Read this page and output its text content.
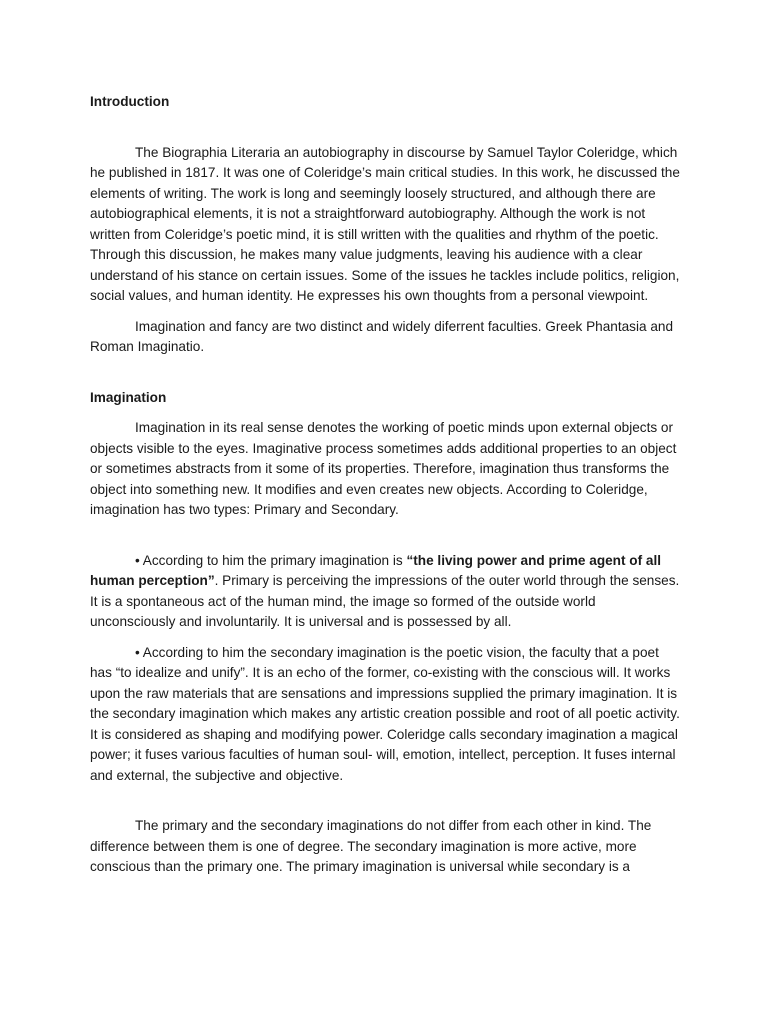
Introduction

The Biographia Literaria an autobiography in discourse by Samuel Taylor Coleridge, which he published in 1817. It was one of Coleridge’s main critical studies. In this work, he discussed the elements of writing. The work is long and seemingly loosely structured, and although there are autobiographical elements, it is not a straightforward autobiography. Although the work is not written from Coleridge’s poetic mind, it is still written with the qualities and rhythm of the poetic. Through this discussion, he makes many value judgments, leaving his audience with a clear understand of his stance on certain issues. Some of the issues he tackles include politics, religion, social values, and human identity. He expresses his own thoughts from a personal viewpoint.

Imagination and fancy are two distinct and widely diferrent faculties. Greek Phantasia and Roman Imaginatio.

Imagination

Imagination in its real sense denotes the working of poetic minds upon external objects or objects visible to the eyes. Imaginative process sometimes adds additional properties to an object or sometimes abstracts from it some of its properties. Therefore, imagination thus transforms the object into something new. It modifies and even creates new objects. According to Coleridge, imagination has two types: Primary and Secondary.

• According to him the primary imagination is “the living power and prime agent of all human perception”. Primary is perceiving the impressions of the outer world through the senses. It is a spontaneous act of the human mind, the image so formed of the outside world unconsciously and involuntarily. It is universal and is possessed by all.

• According to him the secondary imagination is the poetic vision, the faculty that a poet has “to idealize and unify”. It is an echo of the former, co-existing with the conscious will. It works upon the raw materials that are sensations and impressions supplied the primary imagination. It is the secondary imagination which makes any artistic creation possible and root of all poetic activity. It is considered as shaping and modifying power. Coleridge calls secondary imagination a magical power; it fuses various faculties of human soul- will, emotion, intellect, perception. It fuses internal and external, the subjective and objective.

The primary and the secondary imaginations do not differ from each other in kind. The difference between them is one of degree. The secondary imagination is more active, more conscious than the primary one. The primary imagination is universal while secondary is a
